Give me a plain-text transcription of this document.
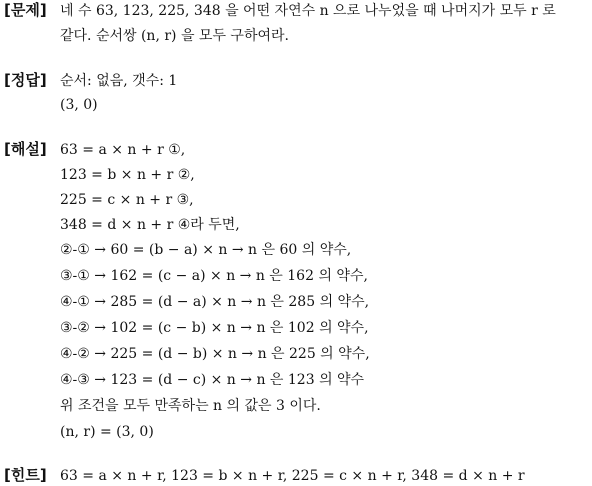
[문제] 네 수 63, 123, 225, 348 을 어떤 자연수 n 으로 나누었을 때 나머지가 모두 r 로
같다. 순서쌍 (n, r) 을 모두 구하여라.
[정답] 순서: 없음, 갯수: 1
(3, 0)
[해설] 63 = a × n + r ①,
123 = b × n + r ②,
225 = c × n + r ③,
348 = d × n + r ④라 두면,
②-① → 60 = (b − a) × n → n 은 60 의 약수,
③-① → 162 = (c − a) × n → n 은 162 의 약수,
④-① → 285 = (d − a) × n → n 은 285 의 약수,
③-② → 102 = (c − b) × n → n 은 102 의 약수,
④-② → 225 = (d − b) × n → n 은 225 의 약수,
④-③ → 123 = (d − c) × n → n 은 123 의 약수
위 조건을 모두 만족하는 n 의 값은 3 이다.
(n, r) = (3, 0)
[힌트] 63 = a × n + r, 123 = b × n + r, 225 = c × n + r, 348 = d × n + r
